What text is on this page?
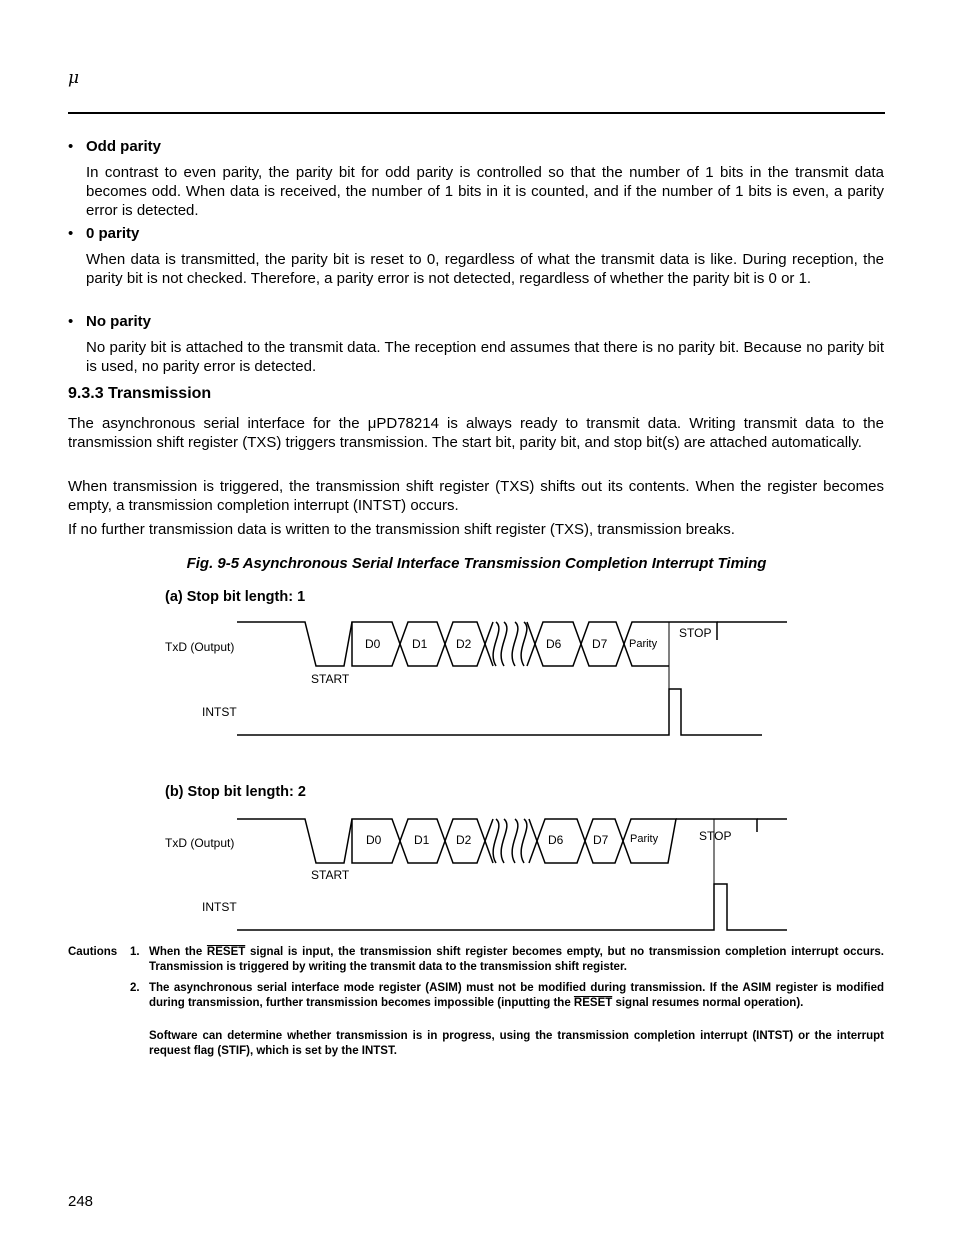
μ
• Odd parity
In contrast to even parity, the parity bit for odd parity is controlled so that the number of 1 bits in the transmit data becomes odd. When data is received, the number of 1 bits in it is counted, and if the number of 1 bits is even, a parity error is detected.
• 0 parity
When data is transmitted, the parity bit is reset to 0, regardless of what the transmit data is like. During reception, the parity bit is not checked. Therefore, a parity error is not detected, regardless of whether the parity bit is 0 or 1.
• No parity
No parity bit is attached to the transmit data. The reception end assumes that there is no parity bit. Because no parity bit is used, no parity error is detected.
9.3.3 Transmission
The asynchronous serial interface for the μPD78214 is always ready to transmit data. Writing transmit data to the transmission shift register (TXS) triggers transmission. The start bit, parity bit, and stop bit(s) are attached automatically.
When transmission is triggered, the transmission shift register (TXS) shifts out its contents. When the register becomes empty, a transmission completion interrupt (INTST) occurs.
If no further transmission data is written to the transmission shift register (TXS), transmission breaks.
Fig. 9-5 Asynchronous Serial Interface Transmission Completion Interrupt Timing
(a) Stop bit length: 1
TxD (Output)
INTST
START
STOP
D0	D1 D2	D6	D7 Parity
(b) Stop bit length: 2
TxD (Output)
INTST
START
STOP
D0	D1 D2	D6 D7 Parity
Cautions 1. When the RESET signal is input, the transmission shift register becomes empty, but no transmission completion interrupt occurs. Transmission is triggered by writing the transmit data to the transmission shift register.
2. The asynchronous serial interface mode register (ASIM) must not be modified during transmission. If the ASIM register is modified during transmission, further transmission becomes impossible (inputting the RESET signal resumes normal operation).
Software can determine whether transmission is in progress, using the transmission completion interrupt (INTST) or the interrupt request flag (STIF), which is set by the INTST.
248
